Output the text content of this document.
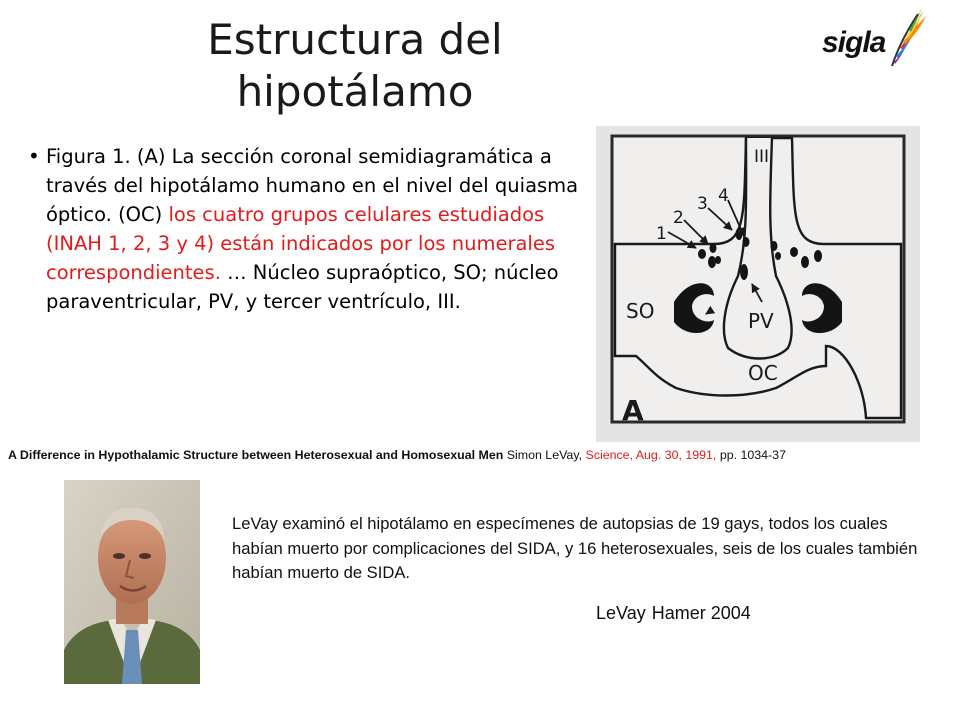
Estructura del hipotálamo
sigla
• Figura 1. (A) La sección coronal semidiagramática a través del hipotálamo humano en el nivel del quiasma óptico. (OC) los cuatro grupos celulares estudiados (INAH 1, 2, 3 y 4) están indicados por los numerales correspondientes. … Núcleo supraóptico, SO; núcleo paraventricular, PV, y tercer ventrículo, III.
III
1
2
3 4
SO	PV
OC
A
A Difference in Hypothalamic Structure between Heterosexual and Homosexual Men Simon LeVay, Science, Aug. 30, 1991, pp. 1034-37
LeVay examinó el hipotálamo en especímenes de autopsias de 19 gays, todos los cuales habían muerto por complicaciones del SIDA, y 16 heterosexuales, seis de los cuales también habían muerto de SIDA.
LeVay Hamer 2004
